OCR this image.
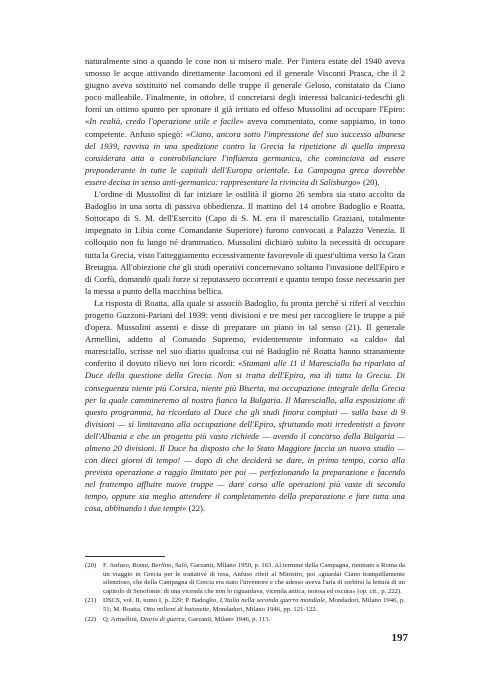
naturalmente sino a quando le cose non si misero male. Per l'intera estate del 1940 aveva smosso le acque attivando direttamente Jacomoni ed il generale Visconti Prasca, che il 2 giugno aveva sostituito nel comando delle truppe il generale Geloso, constatato da Ciano poco malleabile. Finalmente, in ottobre, il concretarsi degli interessi balcanici-tedeschi gli fornì un ottimo spunto per spronare il già irritato ed offeso Mussolini ad occupare l'Epiro: «In realtà, credo l'operazione utile e facile» aveva commentato, come sappiamo, in tono competente. Anfuso spiegò: «Ciano, ancora sotto l'impressione del suo successo albanese del 1939, ravvisa in una spedizione contro la Grecia la ripetizione di quella impresa considerata atta a controbilanciare l'influenza germanica, che cominciava ad essere preponderante in tutte le capitali dell'Europa orientale. La Campagna greca dovrebbe essere decisa in senso anti-germanico: rappresentare la rivincita di Salisburgo» (20).

L'ordine di Mussolini di far iniziare le ostilità il giorno 26 sembra sia stato accolto da Badoglio in una sorta di passiva obbedienza. Il mattino del 14 ottobre Badoglio e Roatta, Sottocapo di S. M. dell'Esercito (Capo di S. M. era il maresciallo Graziani, totalmente impegnato in Libia come Comandante Superiore) furono convocati a Palazzo Venezia. Il colloquio non fu lungo né drammatico. Mussolini dichiarò subito la necessità di occupare tutta la Grecia, visto l'atteggiamento eccessivamente favorevole di quest'ultima verso la Gran Bretagna. All'obiezione che gli studi operativi concernevano soltanto l'invasione dell'Epiro e di Corfù, domandò quali forze si reputassero occorrenti e quanto tempo fosse necessario per la messa a punto della macchina bellica.

La risposta di Roatta, alla quale si associò Badoglio, fu pronta perché si riferì al vecchio progetto Guzzoni-Pariani del 1939: venti divisioni e tre mesi per raccogliere le truppe a piè d'opera. Mussolini assentì e disse di preparare un piano in tal senso (21). Il generale Armellini, addetto al Comando Supremo, evidentemente informato «a caldo» dal maresciallo, scrisse nel suo diario qualcosa cui né Badoglio né Roatta hanno stranamente conferito il dovuto rilievo nei loro ricordi: «Stamani alle 11 il Maresciallo ha riparlato al Duce della questione della Grecia. Non si tratta dell'Epiro, ma di tutta la Grecia. Di conseguenza niente più Corsica, niente più Biserta, ma occupazione integrale della Grecia per la quale cammineremo al nostro fianco la Bulgaria. Il Maresciallo, alla esposizione di questo programma, ha ricordato al Duce che gli studi finora compiuti — sulla base di 9 divisioni — si limitavano alla occupazione dell'Epiro, sfruttando moti irredentisti a favore dell'Albania e che un progetto più vasto richiede — avendo il concorso della Bulgaria — almeno 20 divisioni. Il Duce ha disposto che lo Stato Maggiore faccia un nuovo studio — con dieci giorni di tempo! — dopo di che deciderà se dare, in primo tempo, corso alla prevista operazione a raggio limitato per poi — perfezionando la preparazione e facendo nel frattempo affluire nuove truppe — dare corso alle operazioni più vaste di secondo tempo, oppure sia meglio attendere il completamento della preparazione e fare tutta una cosa, abbinando i due tempi» (22).

(20)	F. Anfuso, Roma, Berlino, Salò, Garzanti, Milano 1950, p. 163. Al termine della Campagna, rientrato a Roma da un viaggio in Grecia per le trattative di resa, Anfuso riferì al Ministro, poi «guardai Ciano tranquillamente silenzioso, che della Campagna di Grecia era stato l'inventore e che adesso aveva l'aria di sorbirsi la lettura di un capitolo di Senofonte: di una vicenda che non lo riguardava, vicenda antica, noiosa ed oscura» (op. cit., p. 222).
(21)	DSCS, vol. II, tomo I, p. 229; P. Badoglio, L'Italia nella seconda guerra mondiale, Mondadori, Milano 1946, p. 51; M. Roatta, Otto milioni di baionette, Mondadori, Milano 1946, pp. 121-122.
(22)	Q. Armellini, Diario di guerra, Garzanti, Milano 1946, p. 113.
197
